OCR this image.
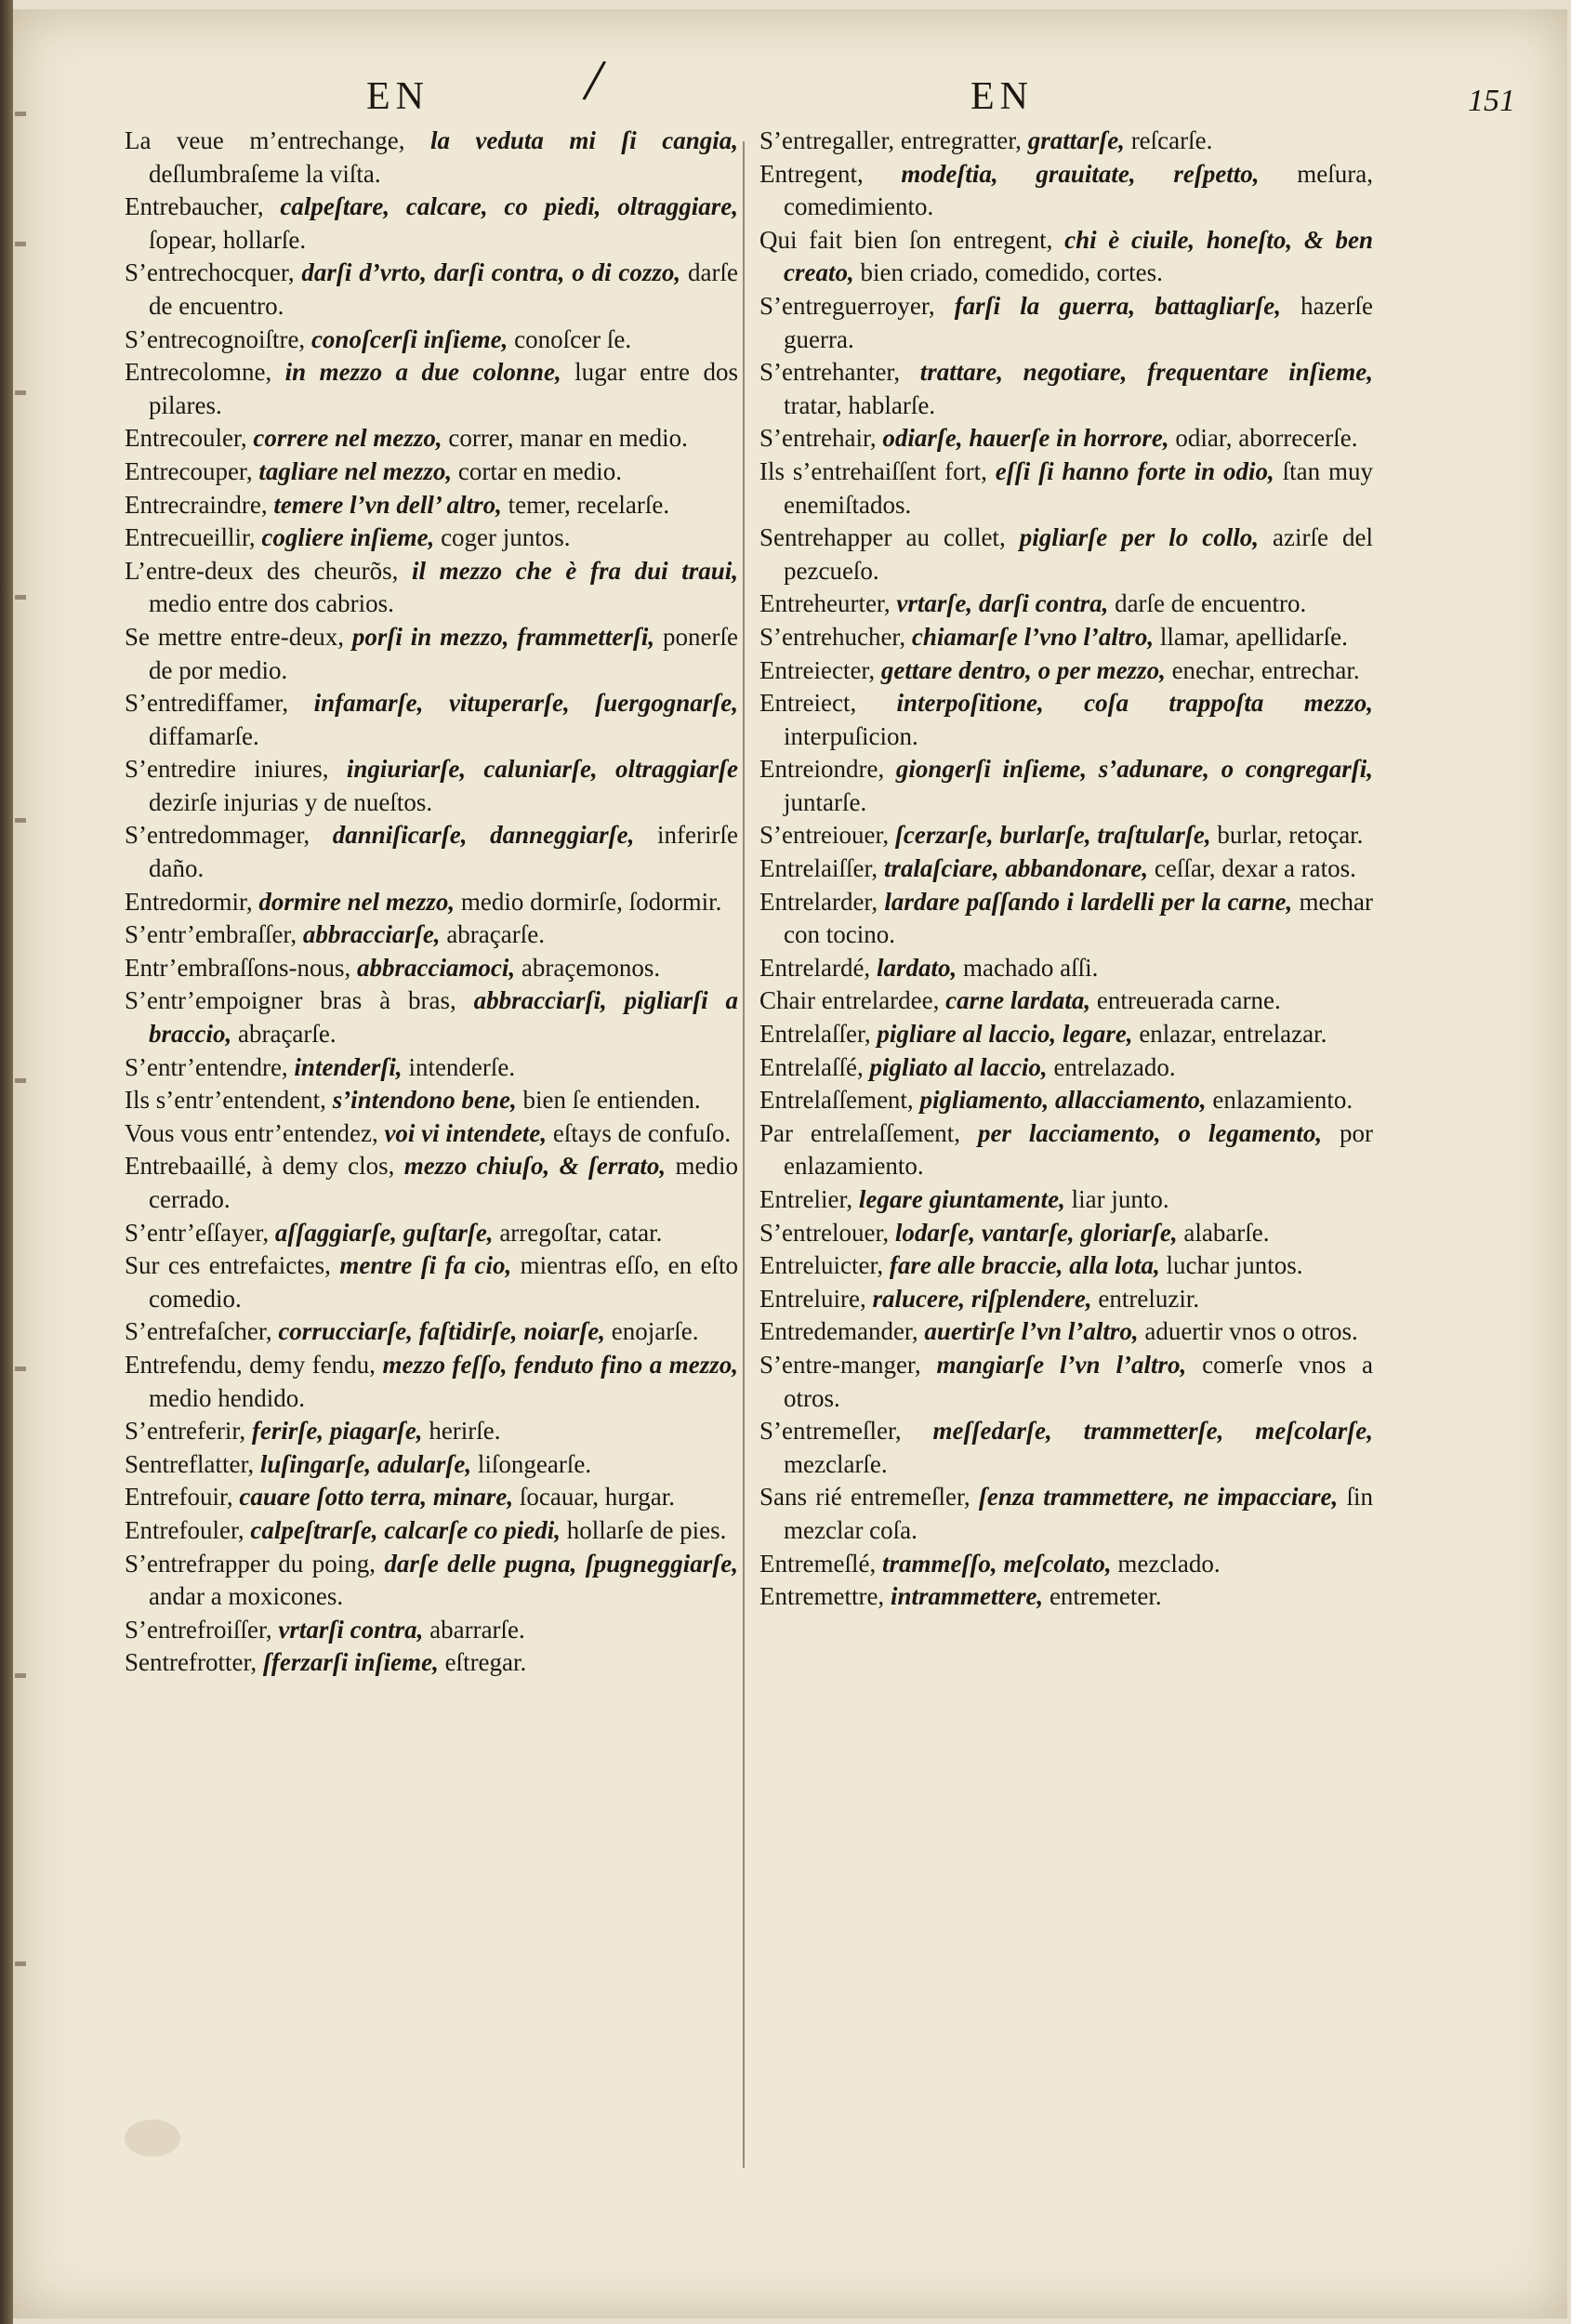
EN /	EN	151

La veue m’entrechange, la veduta mi ſi cangia, deſlumbraſeme la viſta.

Entrebaucher, calpeſtare, calcare, co piedi, oltraggiare, ſopear, hollarſe.

S’entrechocquer, darſi d’vrto, darſi contra, o di cozzo, darſe de encuentro.

S’entrecognoiſtre, conoſcerſi inſieme, conoſcer ſe.

Entrecolomne, in mezzo a due colonne, lugar entre dos pilares.

Entrecouler, correre nel mezzo, correr, manar en medio.

Entrecouper, tagliare nel mezzo, cortar en medio.

Entrecraindre, temere l’vn dell’ altro, temer, recelarſe.

Entrecueillir, cogliere inſieme, coger juntos.

L’entre-deux des cheurõs, il mezzo che è fra dui traui, medio entre dos cabrios.

Se mettre entre-deux, porſi in mezzo, frammetterſi, ponerſe de por medio.

S’entrediffamer, infamarſe, vituperarſe, ſuergognarſe, diffamarſe.

S’entredire iniures, ingiuriarſe, caluniarſe, oltraggiarſe dezirſe injurias y de nueſtos.

S’entredommager, danniſicarſe, danneggiarſe, inferirſe daño.

Entredormir, dormire nel mezzo, medio dormirſe, ſodormir.

S’entr’embraſſer, abbracciarſe, abraçarſe.

Entr’embraſſons-nous, abbracciamoci, abraçemonos.

S’entr’empoigner bras à bras, abbracciarſi, pigliarſi a braccio, abraçarſe.

S’entr’entendre, intenderſi, intenderſe.

Ils s’entr’entendent, s’intendono bene, bien ſe entienden.

Vous vous entr’entendez, voi vi intendete, eſtays de confuſo.

Entrebaaillé, à demy clos, mezzo chiuſo, & ſerrato, medio cerrado.

S’entr’eſſayer, aſſaggiarſe, guſtarſe, arregoſtar, catar.

Sur ces entrefaictes, mentre ſi fa cio, mientras eſſo, en eſto comedio.

S’entrefaſcher, corrucciarſe, faſtidirſe, noiarſe, enojarſe.

Entrefendu, demy fendu, mezzo feſſo, fenduto fino a mezzo, medio hendido.

S’entreferir, ferirſe, piagarſe, herirſe.

Sentreflatter, luſingarſe, adularſe, liſongearſe.

Entrefouir, cauare ſotto terra, minare, ſocauar, hurgar.

Entrefouler, calpeſtrarſe, calcarſe co piedi, hollarſe de pies.

S’entrefrapper du poing, darſe delle pugna, ſpugneggiarſe, andar a moxicones.

S’entrefroiſſer, vrtarſi contra, abarrarſe.

Sentrefrotter, ſferzarſi inſieme, eſtregar.

S’entregaller, entregratter, grattarſe, reſcarſe.

Entregent, modeſtia, grauitate, reſpetto, meſura, comedimiento.

Qui fait bien ſon entregent, chi è ciuile, honeſto, & ben creato, bien criado, comedido, cortes.

S’entreguerroyer, farſi la guerra, battagliarſe, hazerſe guerra.

S’entrehanter, trattare, negotiare, frequentare inſieme, tratar, hablarſe.

S’entrehair, odiarſe, hauerſe in horrore, odiar, aborrecerſe.

Ils s’entrehaiſſent fort, eſſi ſi hanno forte in odio, ſtan muy enemiſtados.

Sentrehapper au collet, pigliarſe per lo collo, azirſe del pezcueſo.

Entreheurter, vrtarſe, darſi contra, darſe de encuentro.

S’entrehucher, chiamarſe l’vno l’altro, llamar, apellidarſe.

Entreiecter, gettare dentro, o per mezzo, enechar, entrechar.

Entreiect, interpoſitione, coſa trappoſta mezzo, interpuſicion.

Entreiondre, giongerſi inſieme, s’adunare, o congregarſi, juntarſe.

S’entreiouer, ſcerzarſe, burlarſe, traſtularſe, burlar, retoçar.

Entrelaiſſer, tralaſciare, abbandonare, ceſſar, dexar a ratos.

Entrelarder, lardare paſſando i lardelli per la carne, mechar con tocino.

Entrelardé, lardato, machado aſſi.

Chair entrelardee, carne lardata, entreuerada carne.

Entrelaſſer, pigliare al laccio, legare, enlazar, entrelazar.

Entrelaſſé, pigliato al laccio, entrelazado.

Entrelaſſement, pigliamento, allacciamento, enlazamiento.

Par entrelaſſement, per lacciamento, o legamento, por enlazamiento.

Entrelier, legare giuntamente, liar junto.

S’entrelouer, lodarſe, vantarſe, gloriarſe, alabarſe.

Entreluicter, fare alle braccie, alla lota, luchar juntos.

Entreluire, ralucere, riſplendere, entreluzir.

Entredemander, auertirſe l’vn l’altro, aduertir vnos o otros.

S’entre-manger, mangiarſe l’vn l’altro, comerſe vnos a otros.

S’entremeſler, meſſedarſe, trammetterſe, meſcolarſe, mezclarſe.

Sans rié entremeſler, ſenza trammettere, ne impacciare, ſin mezclar coſa.

Entremeſlé, trammeſſo, meſcolato, mezclado.

Entremettre, intrammettere, entremeter.
